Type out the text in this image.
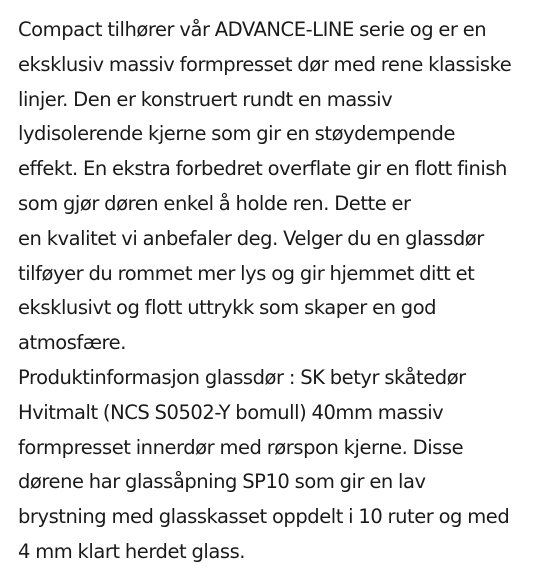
Compact tilhører vår ADVANCE-LINE serie og er en
eksklusiv massiv formpresset dør med rene klassiske
linjer. Den er konstruert rundt en massiv
lydisolerende kjerne som gir en støydempende
effekt. En ekstra forbedret overflate gir en flott finish
som gjør døren enkel å holde ren. Dette er
en kvalitet vi anbefaler deg. Velger du en glassdør
tilføyer du rommet mer lys og gir hjemmet ditt et
eksklusivt og flott uttrykk som skaper en god
atmosfære.
Produktinformasjon glassdør : SK betyr skåtedør
Hvitmalt (NCS S0502-Y bomull) 40mm massiv
formpresset innerdør med rørspon kjerne. Disse
dørene har glassåpning SP10 som gir en lav
brystning med glasskasset oppdelt i 10 ruter og med
4 mm klart herdet glass.
